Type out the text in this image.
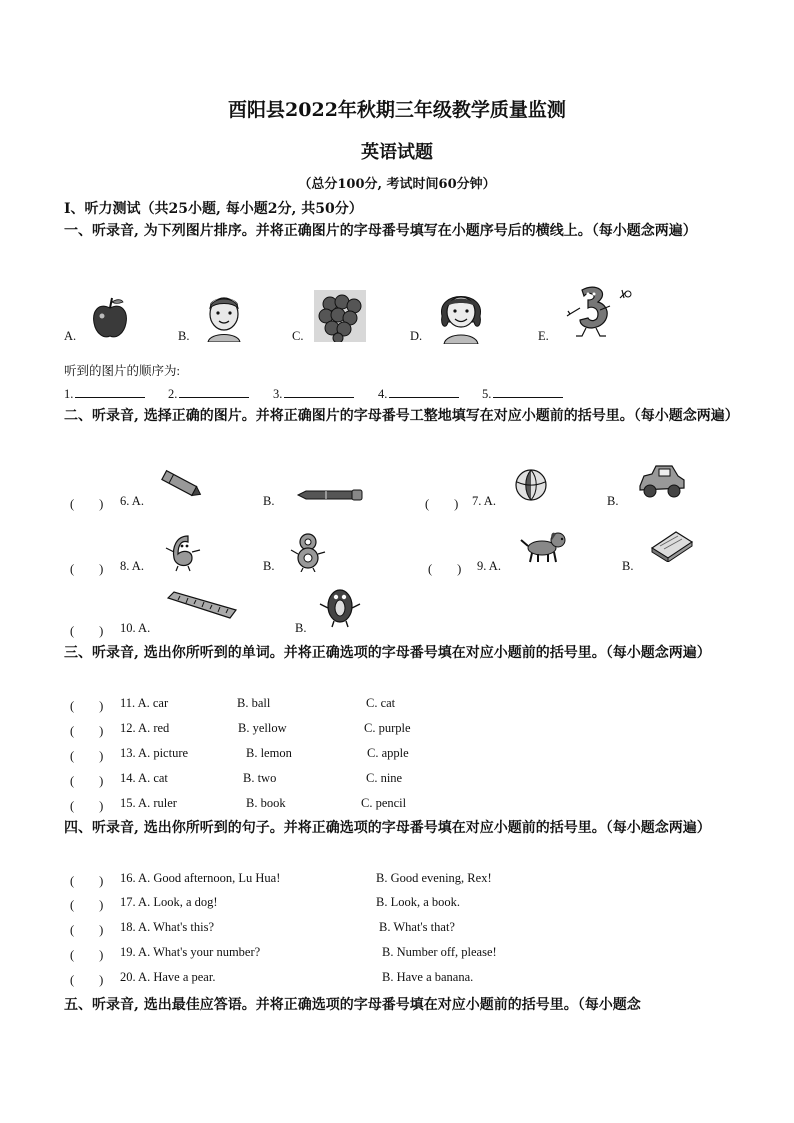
酉阳县2022年秋期三年级教学质量监测
英语试题
（总分100分, 考试时间60分钟）
I、听力测试（共25小题, 每小题2分, 共50分）
一、听录音, 为下列图片排序。并将正确图片的字母番号填写在小题序号后的横线上。（每小题念两遍）
A.	B.	C.	D.	E.
听到的图片的顺序为:
1.	2.	3.	4.	5.
二、听录音, 选择正确的图片。并将正确图片的字母番号工整地填写在对应小题前的括号里。（每小题念两遍）
(　　) 6. A.	B.	(　　) 7. A.	B.
(　　) 8. A.	B.	(　　) 9. A.	B.
(　　) 10. A.	B.
三、听录音, 选出你所听到的单词。并将正确选项的字母番号填在对应小题前的括号里。（每小题念两遍）
(　　) 11. A. car	B. ball	C. cat
(　　) 12. A. red	B. yellow	C. purple
(　　) 13. A. picture	B. lemon	C. apple
(　　) 14. A. cat	B. two	C. nine
(　　) 15. A. ruler	B. book	C. pencil
四、听录音, 选出你所听到的句子。并将正确选项的字母番号填在对应小题前的括号里。（每小题念两遍）
(　　) 16. A. Good afternoon, Lu Hua!	B. Good evening, Rex!
(　　) 17. A. Look, a dog!	B. Look, a book.
(　　) 18. A. What's this?	B. What's that?
(　　) 19. A. What's your number?	B. Number off, please!
(　　) 20. A. Have a pear.	B. Have a banana.
五、听录音, 选出最佳应答语。并将正确选项的字母番号填在对应小题前的括号里。（每小题念
